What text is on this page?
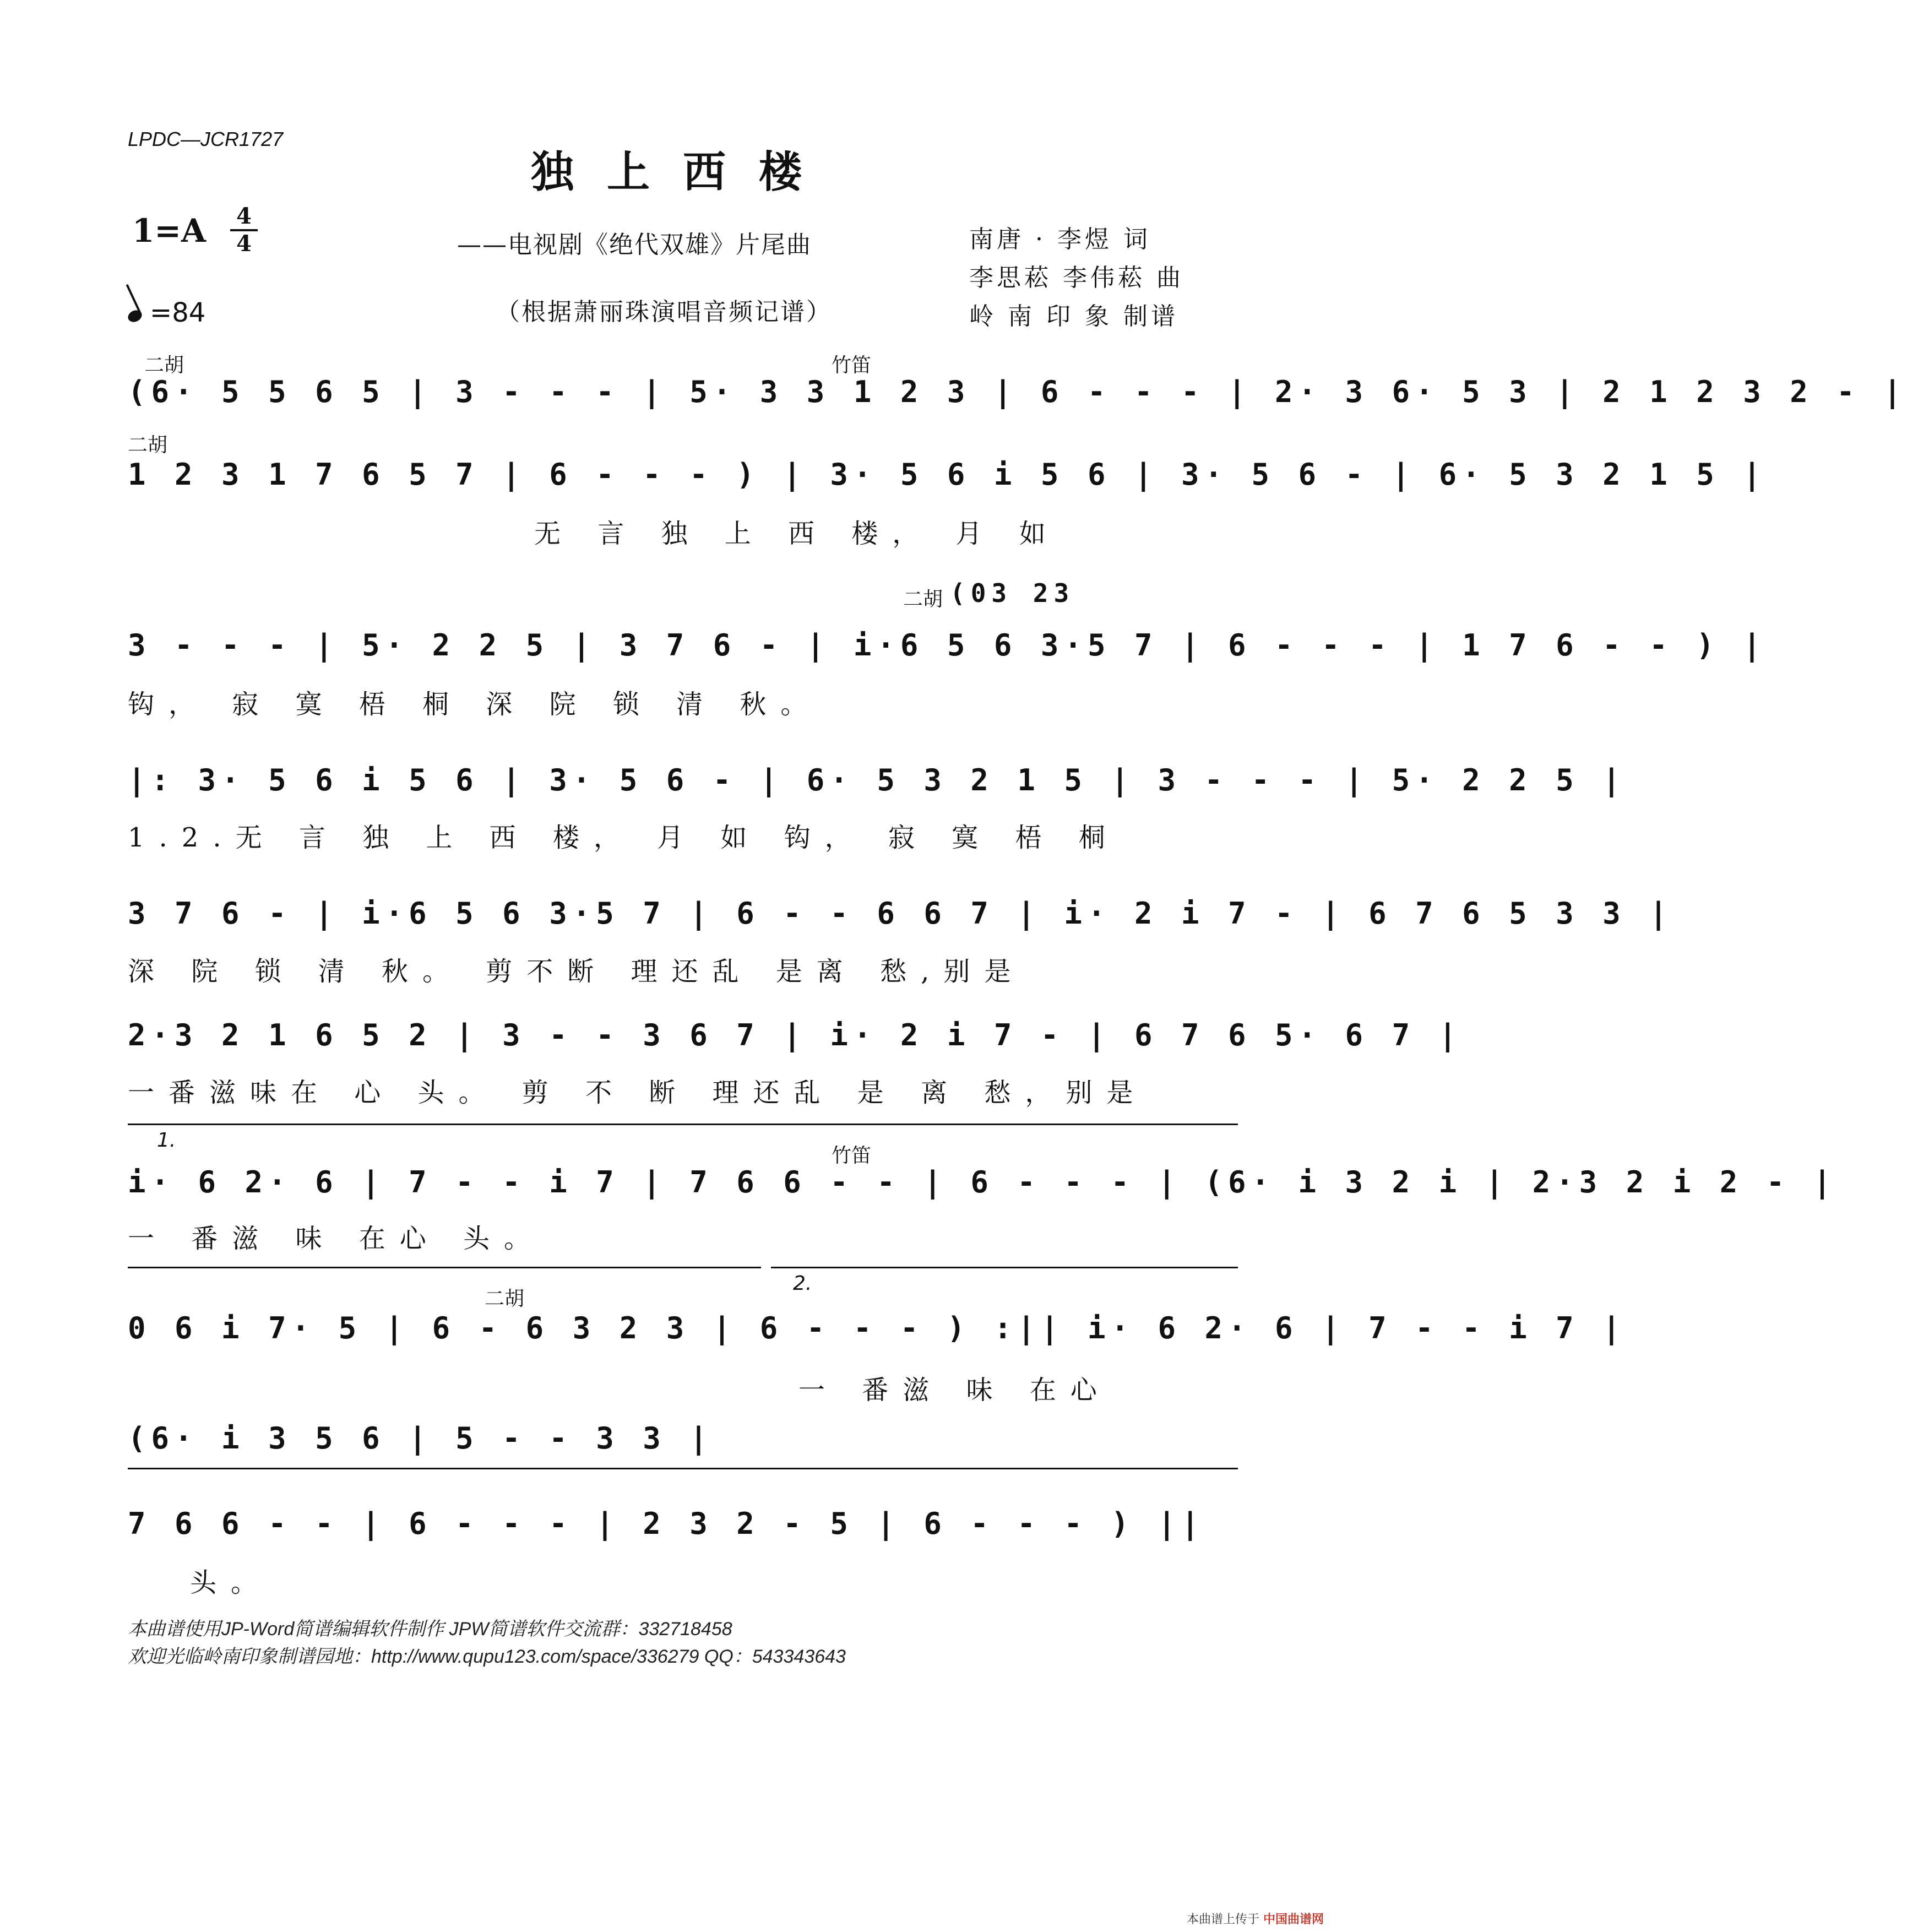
LPDC—JCR1727
独上西楼
1=A 4
4	——电视剧《绝代双雄》片尾曲
（根据萧丽珠演唱音频记谱）
=84
南唐 · 李煜 词
李思菘 李伟菘 曲
岭 南 印 象 制谱
二胡	竹笛
(6· 5 5 6 5 | 3 - - - | 5· 3 3 1 2 3 | 6 - - - | 2· 3 6· 5 3 | 2 1 2 3 2 - |
二胡
1 2 3 1 7 6 5 7 | 6 - - - ) | 3· 5 6 i 5 6 | 3· 5 6 - | 6· 5 3 2 1 5 |
无 言 独 上 西 楼， 月 如
二胡 (03 23
3 - - - | 5· 2 2 5 | 3 7 6 - | i·6 5 6 3·5 7 | 6 - - - | 1 7 6 - - ) |
钩， 寂 寞 梧 桐 深 院 锁 清 秋。
|: 3· 5 6 i 5 6 | 3· 5 6 - | 6· 5 3 2 1 5 | 3 - - - | 5· 2 2 5 |
1.2.无 言 独 上 西 楼， 月 如 钩， 寂 寞 梧 桐
3 7 6 - | i·6 5 6 3·5 7 | 6 - - 6 6 7 | i· 2 i 7 - | 6 7 6 5 3 3 |
深 院 锁 清 秋。 剪不断 理还乱 是离 愁,别是
2·3 2 1 6 5 2 | 3 - - 3 6 7 | i· 2 i 7 - | 6 7 6 5· 6 7 |
一番滋味在 心 头。 剪 不 断 理还乱 是 离 愁，别是
1.
竹笛
i· 6 2· 6 | 7 - - i 7 | 7 6 6 - - | 6 - - - | (6· i 3 2 i | 2·3 2 i 2 - |
一 番滋 味 在心 头。
二胡
2.
0 6 i 7· 5 | 6 - 6 3 2 3 | 6 - - - ) :|| i· 6 2· 6 | 7 - - i 7 |
一 番滋 味 在心
(6· i 3 5 6 | 5 - - 3 3 |
7 6 6 - - | 6 - - - | 2 3 2 - 5 | 6 - - - ) ||
头。
本曲谱使用JP-Word简谱编辑软件制作 JPW简谱软件交流群：332718458
欢迎光临岭南印象制谱园地：http://www.qupu123.com/space/336279 QQ：543343643
本曲谱上传于 中国曲谱网
